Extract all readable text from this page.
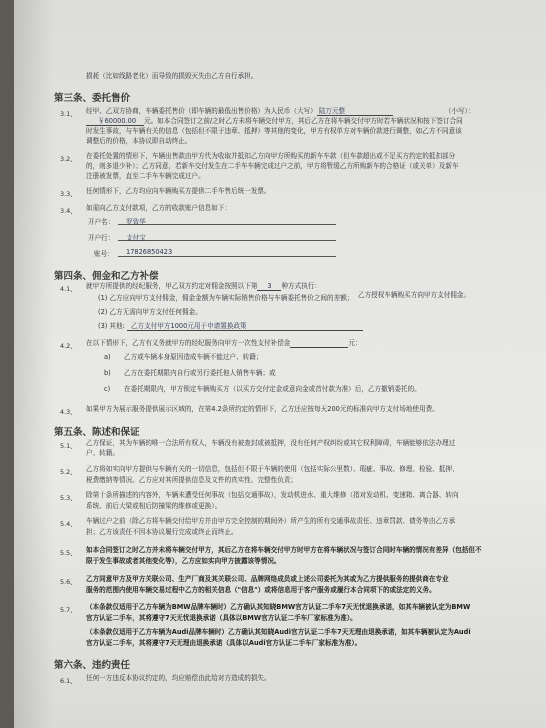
损耗（比如线路老化）而导致的损毁灭失由乙方自行承担。
第三条、委托售价
3.1、 经甲、乙双方协商，车辆委托售价（即车辆的最低出售价格）为人民币（大写） 陆万元整	（小写）：
￥60000.00 元。如本合同签订之前/之时乙方未将车辆交付甲方，其后乙方在将车辆交付甲方时若车辆状况和按下签订合同
时发生事故，与车辆有关的信息（包括但不限于违章、抵押）等其他的变化，甲方有权单方对车辆价款进行调整，如乙方不同意该
调整后的价格，本协议即自动终止。
3.2、 在委托处置的情形下，车辆出售款由甲方代为收取并抵扣乙方向甲方所购买的新车车款（但车款超出或不足买方约定的抵扣部分
的，则多退少补）；乙方同意，若新车交付发生在二手车车辆完成过户之前，甲方将暂缓乙方所购新车的合格证（或关单）及新车
注册被发票，直至二手车车辆完成过户。
3.3、 任何情形下，乙方均应向车辆购买方提供二手车售后统一发票。
3.4、 如需向乙方支付款项，乙方的收款账户信息如下：
开户名： 罗致华
开户行： 支付宝
账号： 17826850423
第四条、佣金和乙方补偿
4.1、 就甲方所提供的经纪服务，甲乙双方约定对佣金按照以下第 3 种方式执行：
乙方授权车辆购买方向甲方支付佣金。
(1) 乙方应向甲方支付佣金，佣金金额为车辆实际销售价格与车辆委托售价之间的差额；
(2) 乙方无需向甲方支付任何佣金。
(3) 其他: 乙方支付甲方1000元用于申请置换政策
4.2、 在以下情形下，乙方有义务就甲方的经纪服务向甲方一次性支付补偿金	元：
a) 乙方或车辆本身原因造成车辆不能过户、转籍；
b) 乙方在委托期限内自行或另行委托他人销售车辆；或
c) 在委托期限内，甲方锁定车辆购买方（以买方交付定金或意向金或首付款为准）后，乙方撤销委托的。
4.3、 如果甲方为展示服务提供展示区域的，在第4.2条所约定的情形下，乙方还应按每天200元的标准向甲方支付场地使用费。
第五条、陈述和保证
5.1、 乙方保证，其为车辆的唯一合法所有权人，车辆没有被查封或被抵押，没有任何产权纠纷或其它权利障碍，车辆能够依法办理过
户、转籍。
5.2、 乙方将如实向甲方提供与车辆有关的一切信息，包括但不限于车辆的使用（包括实际公里数）、瑕疵、事故、修理、检验、抵押、
税费缴纳等情况。乙方应对其所提供信息及文件的真实性、完整性负责；
5.3、 除第十条所描述的内容外，车辆未遭受任何事故（包括交通事故），发动机进水、重大维修（指对发动机、变速箱、离合器、转向
系统、前后大梁或相后防撞梁的维修或更换）。
5.4、 车辆过户之前（除乙方将车辆交付给甲方并由甲方完全控制的期间外）所产生的所有交通事故责任、违章罚款、债务等由乙方承
担；乙方该责任不因本协议履行完成或终止而终止。
5.5、 如本合同签订之时乙方并未将车辆交付甲方，其后乙方在将车辆交付甲方时甲方在将车辆状况与签订合同时车辆的情况有差异（包括但不
限于发生事故或者其他变化等），乙方应如实向甲方披露该等情况。
5.6、 乙方同意甲方及甲方关联公司、生产厂商及其关联公司、品牌网络成员或上述公司委托为其或为乙方提供服务的提供商在专业
服务的范围内使用车辆交易过程中乙方的相关信息（"信息"）或将信息用于客户服务或履行本合同项下的或法定的义务。
5.7、 （本条款仅适用于乙方车辆为BMW品牌车辆时）乙方确认其知晓BMW官方认证二手车7天无忧退换承诺，如其车辆被认定为BMW
官方认证二手车，其将遵守7天无忧退换承诺（具体以BMW官方认证二手车厂家标准为准）。
（本条款仅适用于乙方车辆为Audi品牌车辆时）乙方确认其知晓Audi官方认证二手车7天无理由退换承诺，如其车辆被认定为Audi
官方认证二手车，其将遵守7天无理由退换承诺（具体以Audi官方认证二手车厂家标准为准）。
第六条、违约责任
6.1、 任何一方违反本协议约定的，均应赔偿由此给对方造成的损失。
